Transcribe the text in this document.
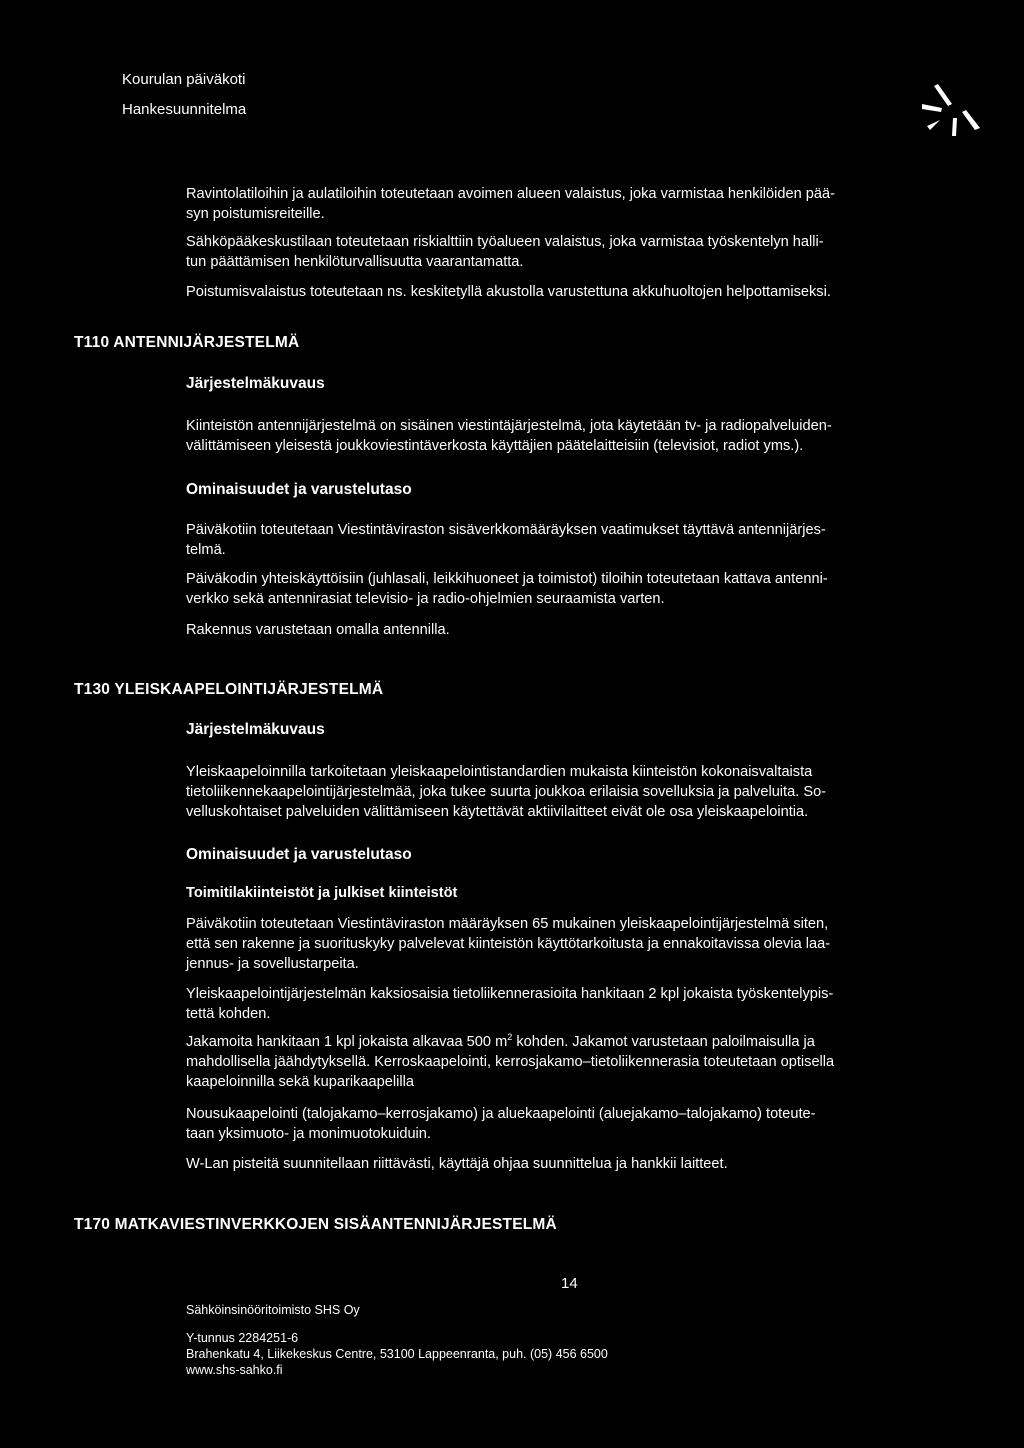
Kourulan päiväkoti
Hankesuunnitelma
Ravintolatiloihin ja aulatiloihin toteutetaan avoimen alueen valaistus, joka varmistaa henkilöiden pää-
syn poistumisreiteille.
Sähköpääkeskustilaan toteutetaan riskialttiin työalueen valaistus, joka varmistaa työskentelyn halli-
tun päättämisen henkilöturvallisuutta vaarantamatta.
Poistumisvalaistus toteutetaan ns. keskitetyllä akustolla varustettuna akkuhuoltojen helpottamiseksi.
T110 ANTENNIJÄRJESTELMÄ
Järjestelmäkuvaus
Kiinteistön antennijärjestelmä on sisäinen viestintäjärjestelmä, jota käytetään tv- ja radiopalveluiden-
välittämiseen yleisestä joukkoviestintäverkosta käyttäjien päätelaitteisiin (televisiot, radiot yms.).
Ominaisuudet ja varustelutaso
Päiväkotiin toteutetaan Viestintäviraston sisäverkkomääräyksen vaatimukset täyttävä antennijärjes-
telmä.
Päiväkodin yhteiskäyttöisiin (juhlasali, leikkihuoneet ja toimistot) tiloihin toteutetaan kattava antenni-
verkko sekä antennirasiat televisio- ja radio-ohjelmien seuraamista varten.
Rakennus varustetaan omalla antennilla.
T130 YLEISKAAPELOINTIJÄRJESTELMÄ
Järjestelmäkuvaus
Yleiskaapeloinnilla tarkoitetaan yleiskaapelointistandardien mukaista kiinteistön kokonaisvaltaista
tietoliikennekaapelointijärjestelmää, joka tukee suurta joukkoa erilaisia sovelluksia ja palveluita. So-
velluskohtaiset palveluiden välittämiseen käytettävät aktiivilaitteet eivät ole osa yleiskaapelointia.
Ominaisuudet ja varustelutaso
Toimitilakiinteistöt ja julkiset kiinteistöt
Päiväkotiin toteutetaan Viestintäviraston määräyksen 65 mukainen yleiskaapelointijärjestelmä siten,
että sen rakenne ja suorituskyky palvelevat kiinteistön käyttötarkoitusta ja ennakoitavissa olevia laa-
jennus- ja sovellustarpeita.
Yleiskaapelointijärjestelmän kaksiosaisia tietoliikennerasioita hankitaan 2 kpl jokaista työskentelypis-
tettä kohden.
Jakamoita hankitaan 1 kpl jokaista alkavaa 500 $m^2$ kohden. Jakamot varustetaan paloilmaisulla ja
mahdollisella jäähdytyksellä. Kerroskaapelointi, kerrosjakamo–tietoliikennerasia toteutetaan optisella
kaapeloinnilla sekä kuparikaapelilla
Nousukaapelointi (talojakamo–kerrosjakamo) ja aluekaapelointi (aluejakamo–talojakamo) toteute-
taan yksimuoto- ja monimuotokuiduin.
W-Lan pisteitä suunnitellaan riittävästi, käyttäjä ohjaa suunnittelua ja hankkii laitteet.
T170 MATKAVIESTINVERKKOJEN SISÄANTENNIJÄRJESTELMÄ
14
Sähköinsinööritoimisto SHS Oy
Y-tunnus 2284251-6
Brahenkatu 4, Liikekeskus Centre, 53100 Lappeenranta, puh. (05) 456 6500
www.shs-sahko.fi
